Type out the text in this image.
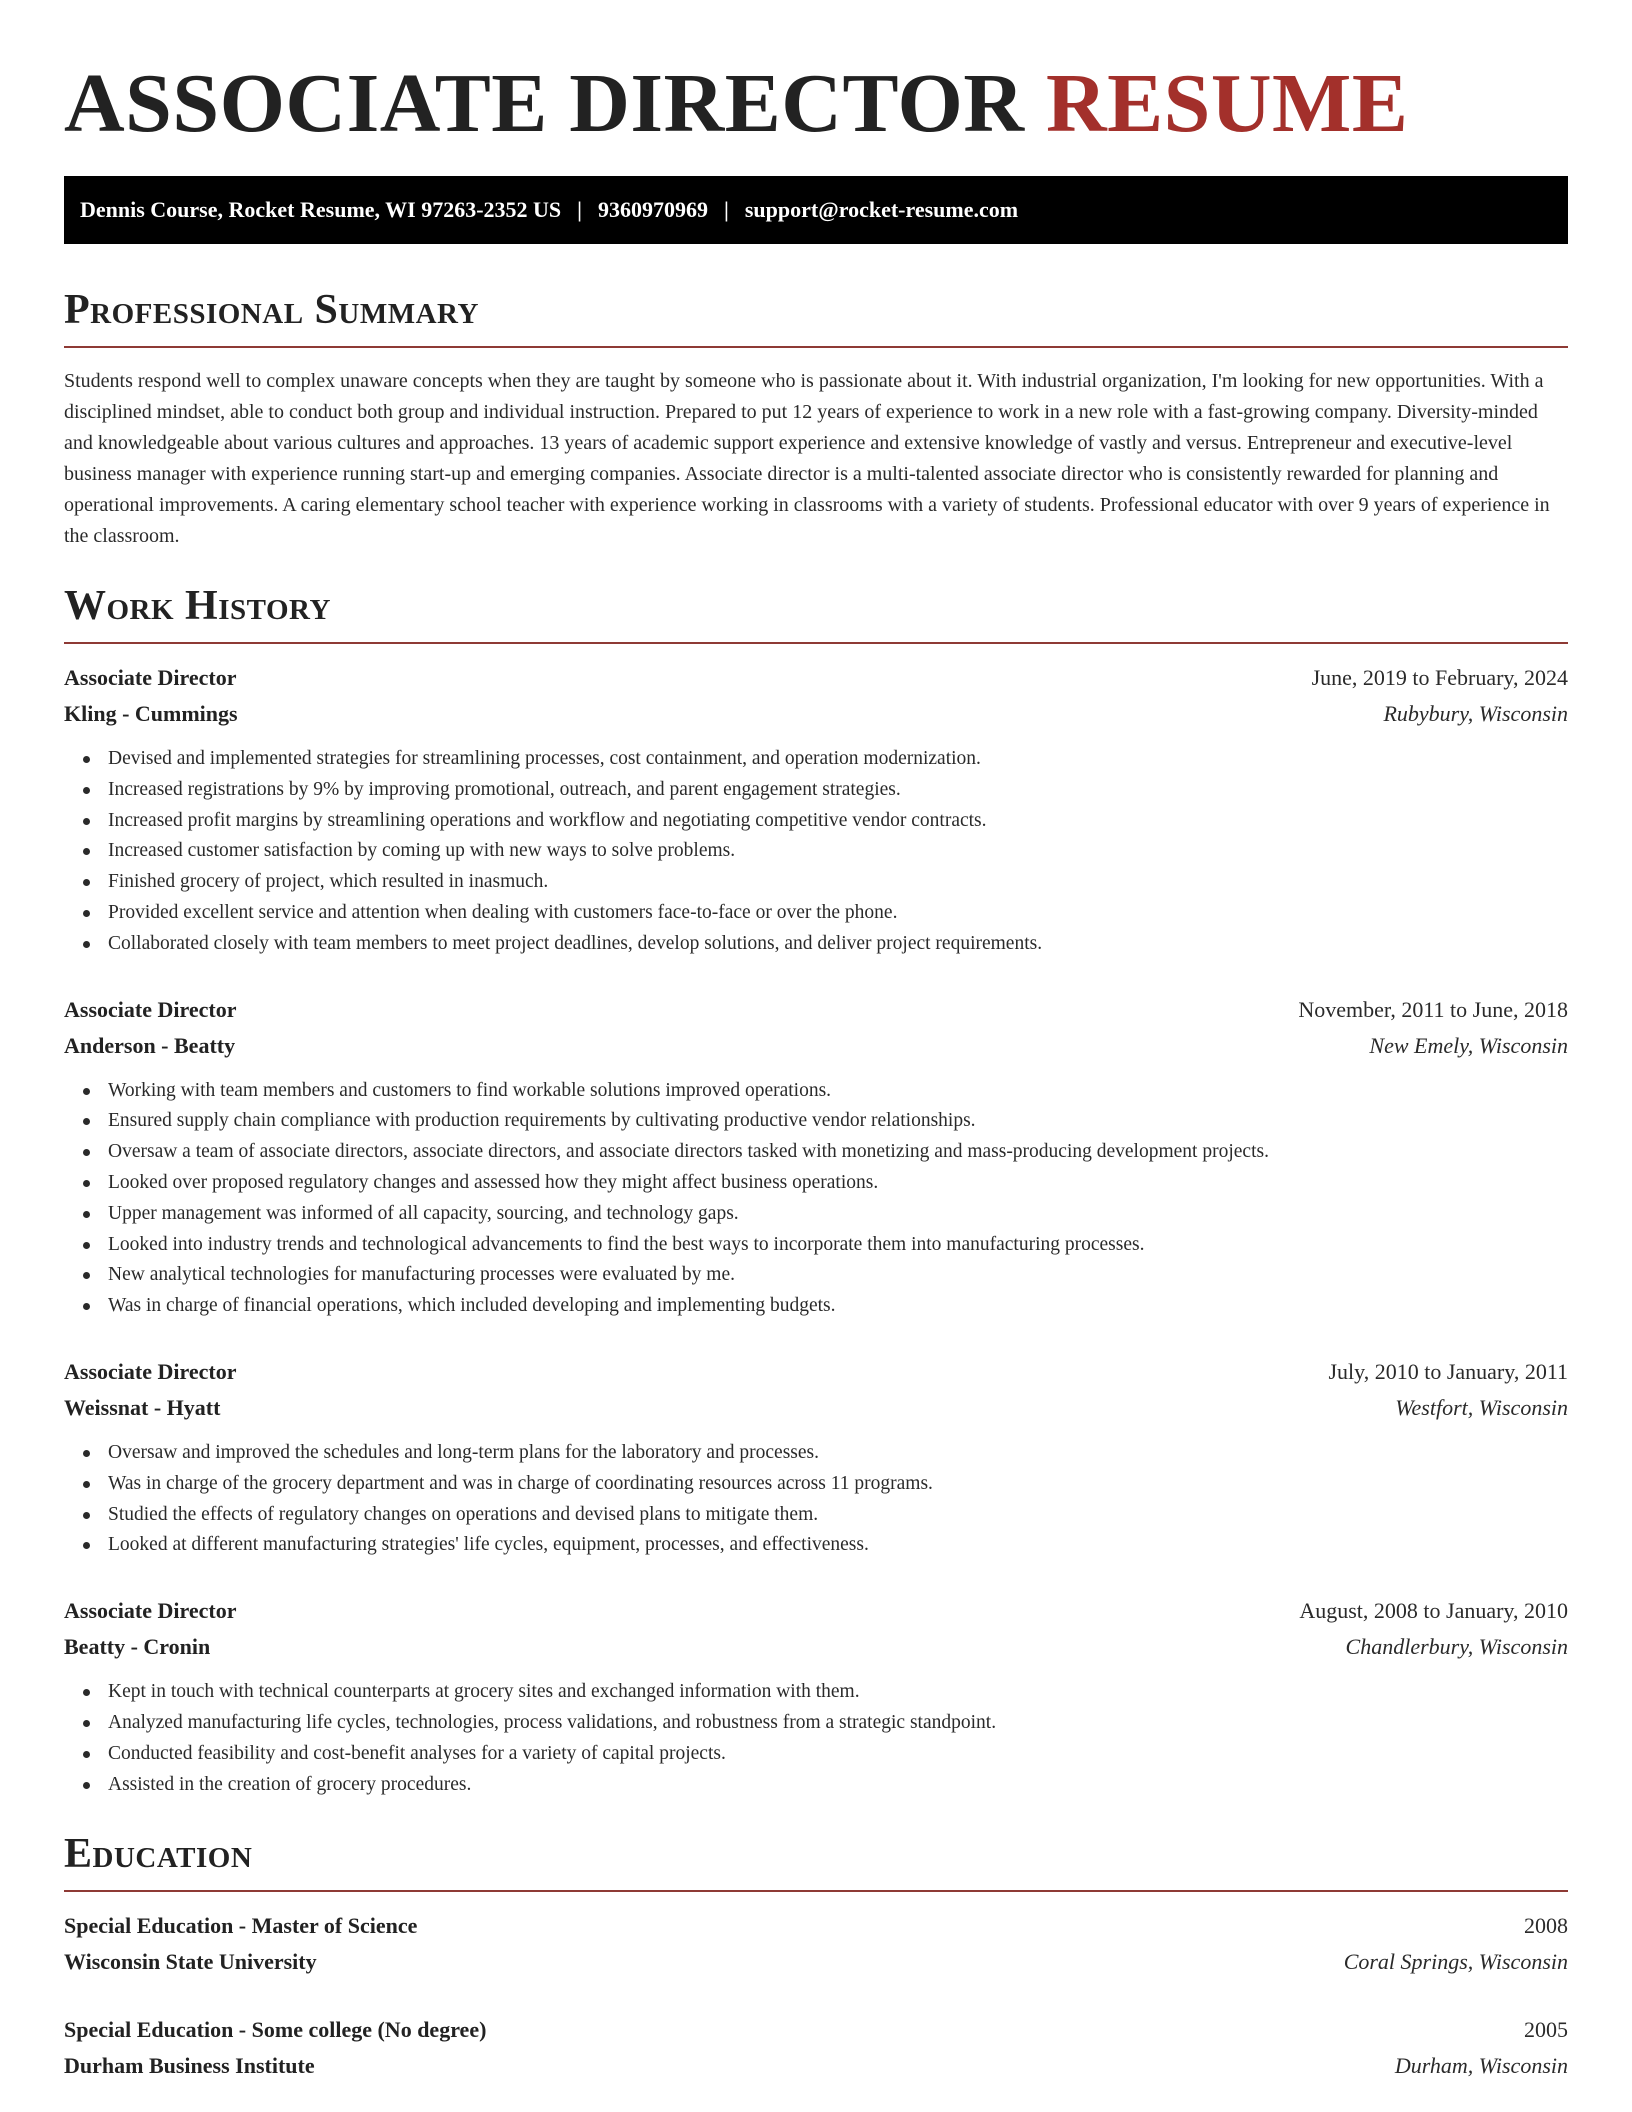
ASSOCIATE DIRECTOR RESUME
Dennis Course, Rocket Resume, WI 97263-2352 US | 9360970969 | support@rocket-resume.com
Professional Summary

Students respond well to complex unaware concepts when they are taught by someone who is passionate about it. With industrial organization, I'm looking for new opportunities. With a disciplined mindset, able to conduct both group and individual instruction. Prepared to put 12 years of experience to work in a new role with a fast-growing company. Diversity-minded and knowledgeable about various cultures and approaches. 13 years of academic support experience and extensive knowledge of vastly and versus. Entrepreneur and executive-level business manager with experience running start-up and emerging companies. Associate director is a multi-talented associate director who is consistently rewarded for planning and operational improvements. A caring elementary school teacher with experience working in classrooms with a variety of students. Professional educator with over 9 years of experience in the classroom.

Work History
Associate Director	June, 2019 to February, 2024
Kling - Cummings	Rubybury, Wisconsin
Devised and implemented strategies for streamlining processes, cost containment, and operation modernization.
Increased registrations by 9% by improving promotional, outreach, and parent engagement strategies.
Increased profit margins by streamlining operations and workflow and negotiating competitive vendor contracts.
Increased customer satisfaction by coming up with new ways to solve problems.
Finished grocery of project, which resulted in inasmuch.
Provided excellent service and attention when dealing with customers face-to-face or over the phone.
Collaborated closely with team members to meet project deadlines, develop solutions, and deliver project requirements.
Associate Director	November, 2011 to June, 2018
Anderson - Beatty	New Emely, Wisconsin
Working with team members and customers to find workable solutions improved operations.
Ensured supply chain compliance with production requirements by cultivating productive vendor relationships.
Oversaw a team of associate directors, associate directors, and associate directors tasked with monetizing and mass-producing development projects.
Looked over proposed regulatory changes and assessed how they might affect business operations.
Upper management was informed of all capacity, sourcing, and technology gaps.
Looked into industry trends and technological advancements to find the best ways to incorporate them into manufacturing processes.
New analytical technologies for manufacturing processes were evaluated by me.
Was in charge of financial operations, which included developing and implementing budgets.
Associate Director	July, 2010 to January, 2011
Weissnat - Hyatt	Westfort, Wisconsin
Oversaw and improved the schedules and long-term plans for the laboratory and processes.
Was in charge of the grocery department and was in charge of coordinating resources across 11 programs.
Studied the effects of regulatory changes on operations and devised plans to mitigate them.
Looked at different manufacturing strategies' life cycles, equipment, processes, and effectiveness.
Associate Director	August, 2008 to January, 2010
Beatty - Cronin	Chandlerbury, Wisconsin
Kept in touch with technical counterparts at grocery sites and exchanged information with them.
Analyzed manufacturing life cycles, technologies, process validations, and robustness from a strategic standpoint.
Conducted feasibility and cost-benefit analyses for a variety of capital projects.
Assisted in the creation of grocery procedures.
Education
Special Education - Master of Science	2008
Wisconsin State University	Coral Springs, Wisconsin
Special Education - Some college (No degree)	2005
Durham Business Institute	Durham, Wisconsin
